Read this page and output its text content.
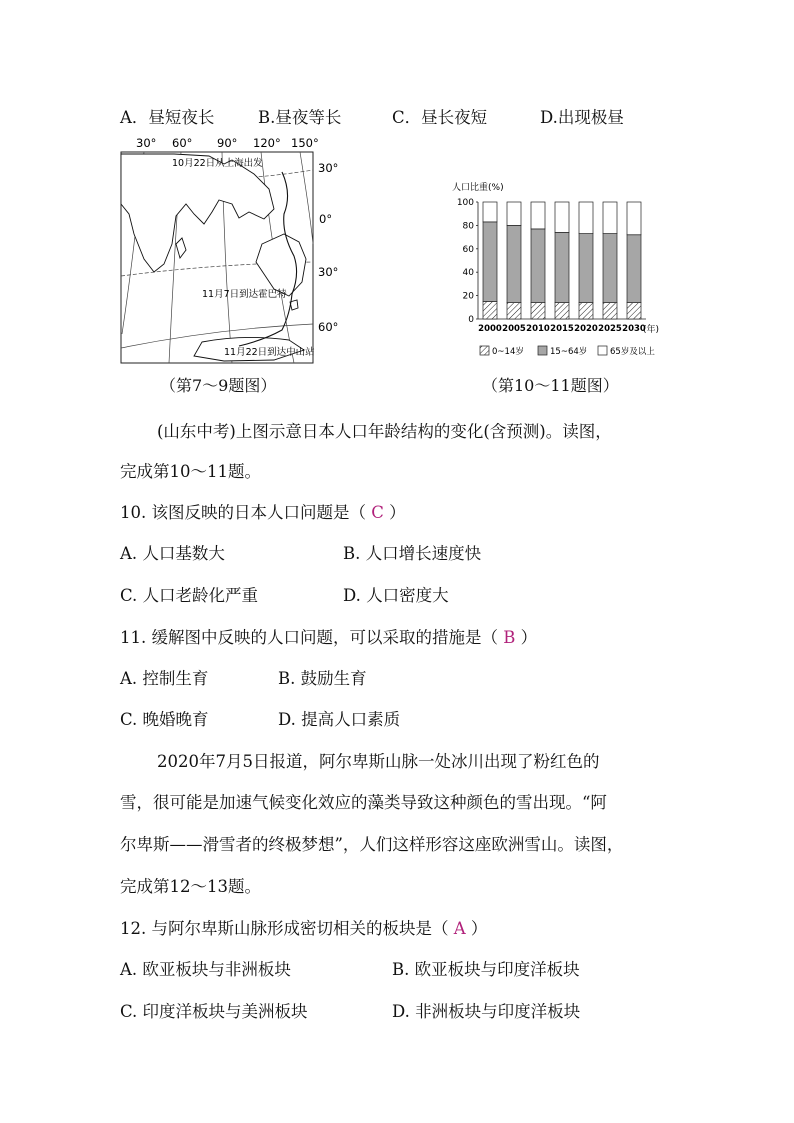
A．昼短夜长	B.昼夜等长	C．昼长夜短	D.出现极昼
30° 60° 90° 120° 150°
30°
0°
30°
60°
10月22日从上海出发
11月7日到达霍巴特
11月22日到达中山站
人口比重(%)
0
20
40
60
80
100
2000 2005 2010 2015 2020 2025 2030
(年)
0~14岁	15~64岁	65岁及以上
（第7～9题图）	（第10～11题图）
(山东中考)上图示意日本人口年龄结构的变化(含预测)。读图，
完成第10～11题。
10. 该图反映的日本人口问题是（ C ）
A. 人口基数大	B. 人口增长速度快
C. 人口老龄化严重	D. 人口密度大
11. 缓解图中反映的人口问题，可以采取的措施是（ B ）
A. 控制生育	B. 鼓励生育
C. 晚婚晚育	D. 提高人口素质
2020年7月5日报道，阿尔卑斯山脉一处冰川出现了粉红色的
雪，很可能是加速气候变化效应的藻类导致这种颜色的雪出现。“阿
尔卑斯——滑雪者的终极梦想”，人们这样形容这座欧洲雪山。读图，
完成第12～13题。
12. 与阿尔卑斯山脉形成密切相关的板块是（ A ）
A. 欧亚板块与非洲板块	B. 欧亚板块与印度洋板块
C. 印度洋板块与美洲板块	D. 非洲板块与印度洋板块
